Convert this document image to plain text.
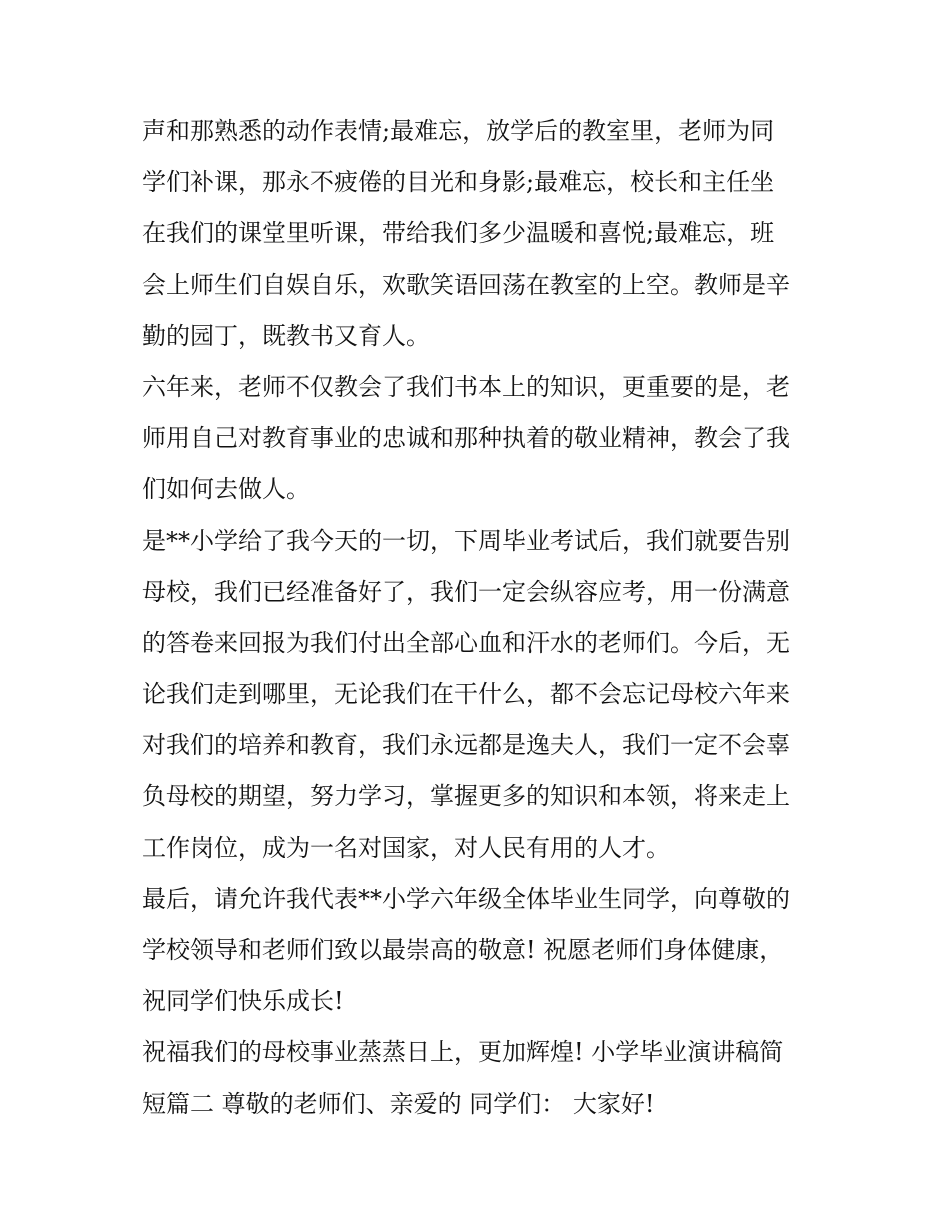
声和那熟悉的动作表情;最难忘，放学后的教室里，老师为同
学们补课，那永不疲倦的目光和身影;最难忘，校长和主任坐
在我们的课堂里听课，带给我们多少温暖和喜悦;最难忘，班
会上师生们自娱自乐，欢歌笑语回荡在教室的上空。教师是辛
勤的园丁，既教书又育人。
六年来，老师不仅教会了我们书本上的知识，更重要的是，老
师用自己对教育事业的忠诚和那种执着的敬业精神，教会了我
们如何去做人。
是**小学给了我今天的一切，下周毕业考试后，我们就要告别
母校，我们已经准备好了，我们一定会纵容应考，用一份满意
的答卷来回报为我们付出全部心血和汗水的老师们。今后，无
论我们走到哪里，无论我们在干什么，都不会忘记母校六年来
对我们的培养和教育，我们永远都是逸夫人，我们一定不会辜
负母校的期望，努力学习，掌握更多的知识和本领，将来走上
工作岗位，成为一名对国家，对人民有用的人才。
最后，请允许我代表**小学六年级全体毕业生同学，向尊敬的
学校领导和老师们致以最崇高的敬意! 祝愿老师们身体健康，
祝同学们快乐成长!
祝福我们的母校事业蒸蒸日上，更加辉煌! 小学毕业演讲稿简
短篇二 尊敬的老师们、亲爱的 同学们： 大家好!
